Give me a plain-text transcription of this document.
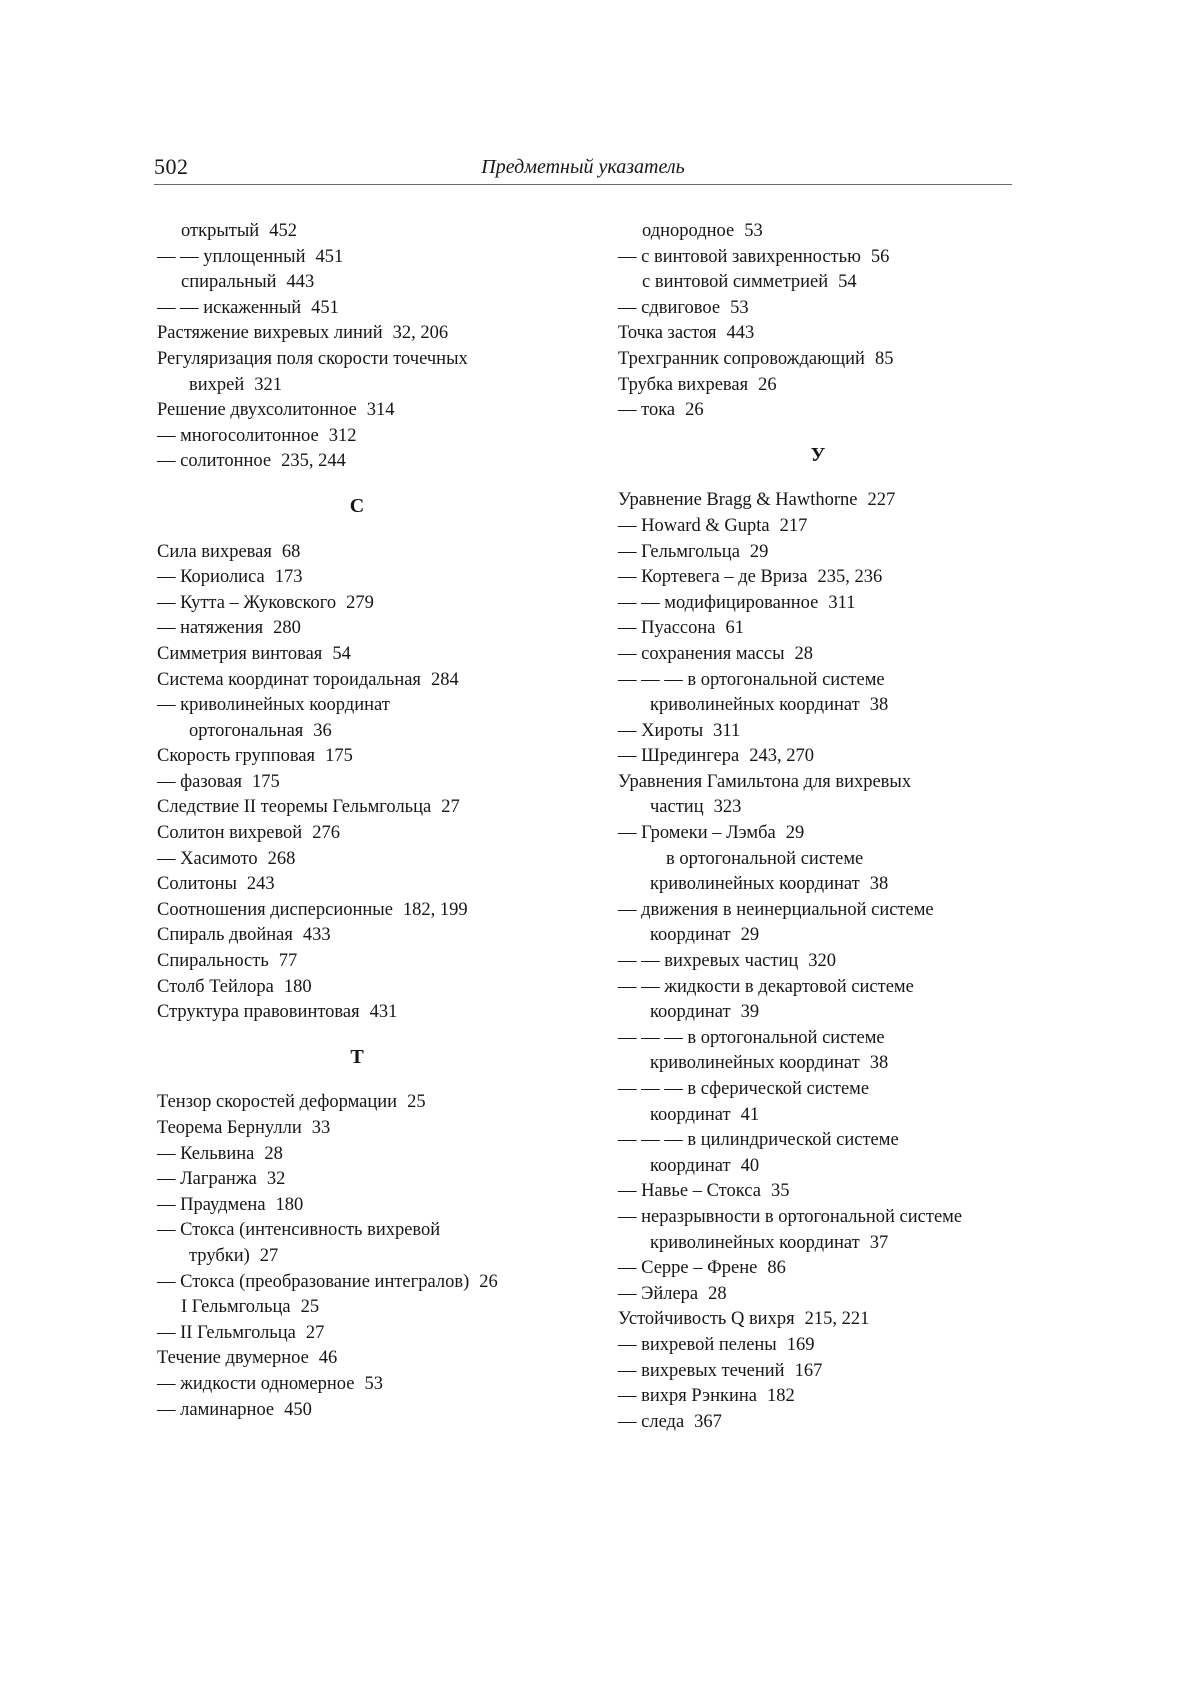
502	Предметный указатель
открытый 452
— — уплощенный 451
спиральный 443
— — искаженный 451
Растяжение вихревых линий 32, 206
Регуляризация поля скорости точечных
вихрей 321
Решение двухсолитонное 314
— многосолитонное 312
— солитонное 235, 244
С
Сила вихревая 68
— Кориолиса 173
— Кутта – Жуковского 279
— натяжения 280
Симметрия винтовая 54
Система координат тороидальная 284
— криволинейных координат
ортогональная 36
Скорость групповая 175
— фазовая 175
Следствие II теоремы Гельмгольца 27
Солитон вихревой 276
— Хасимото 268
Солитоны 243
Соотношения дисперсионные 182, 199
Спираль двойная 433
Спиральность 77
Столб Тейлора 180
Структура правовинтовая 431
Т
Тензор скоростей деформации 25
Теорема Бернулли 33
— Кельвина 28
— Лагранжа 32
— Праудмена 180
— Стокса (интенсивность вихревой
трубки) 27
— Стокса (преобразование интегралов) 26
I Гельмгольца 25
— II Гельмгольца 27
Течение двумерное 46
— жидкости одномерное 53
— ламинарное 450
однородное 53
— с винтовой завихренностью 56
с винтовой симметрией 54
— сдвиговое 53
Точка застоя 443
Трехгранник сопровождающий 85
Трубка вихревая 26
— тока 26
У
Уравнение Bragg & Hawthorne 227
— Howard & Gupta 217
— Гельмгольца 29
— Кортевега – де Вриза 235, 236
— — модифицированное 311
— Пуассона 61
— сохранения массы 28
— — — в ортогональной системе
криволинейных координат 38
— Хироты 311
— Шредингера 243, 270
Уравнения Гамильтона для вихревых
частиц 323
— Громеки – Лэмба 29
в ортогональной системе
криволинейных координат 38
— движения в неинерциальной системе
координат 29
— — вихревых частиц 320
— — жидкости в декартовой системе
координат 39
— — — в ортогональной системе
криволинейных координат 38
— — — в сферической системе
координат 41
— — — в цилиндрической системе
координат 40
— Навье – Стокса 35
— неразрывности в ортогональной системе
криволинейных координат 37
— Серре – Френе 86
— Эйлера 28
Устойчивость Q вихря 215, 221
— вихревой пелены 169
— вихревых течений 167
— вихря Рэнкина 182
— следа 367
